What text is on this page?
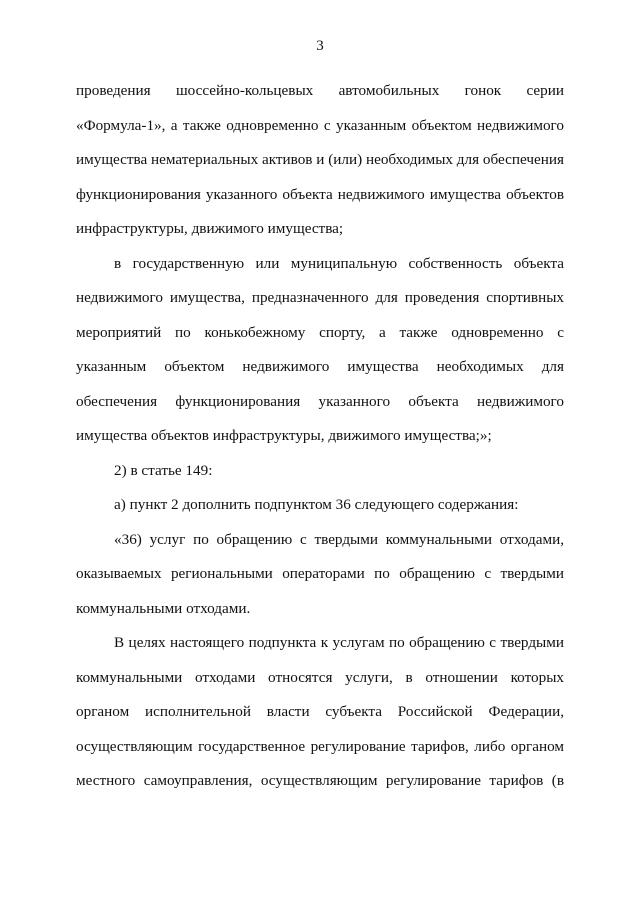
3

проведения шоссейно-кольцевых автомобильных гонок серии «Формула-1», а также одновременно с указанным объектом недвижимого имущества нематериальных активов и (или) необходимых для обеспечения функционирования указанного объекта недвижимого имущества объектов инфраструктуры, движимого имущества;

в государственную или муниципальную собственность объекта недвижимого имущества, предназначенного для проведения спортивных мероприятий по конькобежному спорту, а также одновременно с указанным объектом недвижимого имущества необходимых для обеспечения функционирования указанного объекта недвижимого имущества объектов инфраструктуры, движимого имущества;»;

2) в статье 149:

а) пункт 2 дополнить подпунктом 36 следующего содержания:

«36) услуг по обращению с твердыми коммунальными отходами, оказываемых региональными операторами по обращению с твердыми коммунальными отходами.

В целях настоящего подпункта к услугам по обращению с твердыми коммунальными отходами относятся услуги, в отношении которых органом исполнительной власти субъекта Российской Федерации, осуществляющим государственное регулирование тарифов, либо органом местного самоуправления, осуществляющим регулирование тарифов (в
